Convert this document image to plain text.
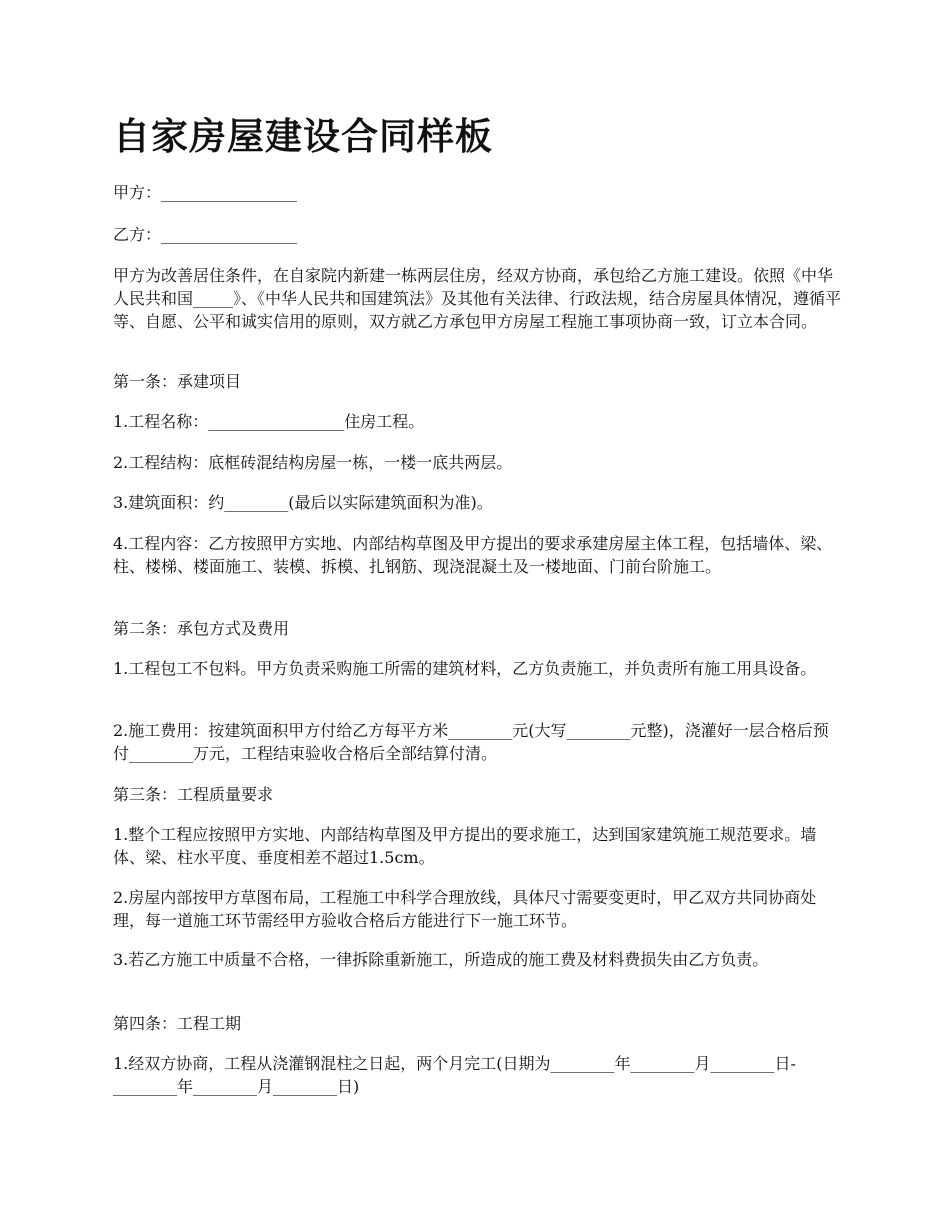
自家房屋建设合同样板

甲方：_________________

乙方：_________________

甲方为改善居住条件，在自家院内新建一栋两层住房，经双方协商，承包给乙方施工建设。依照《中华人民共和国_____》、《中华人民共和国建筑法》及其他有关法律、行政法规，结合房屋具体情况，遵循平等、自愿、公平和诚实信用的原则，双方就乙方承包甲方房屋工程施工事项协商一致，订立本合同。

第一条：承建项目

1.工程名称：_________________住房工程。

2.工程结构：底框砖混结构房屋一栋，一楼一底共两层。

3.建筑面积：约________(最后以实际建筑面积为准)。

4.工程内容：乙方按照甲方实地、内部结构草图及甲方提出的要求承建房屋主体工程，包括墙体、梁、柱、楼梯、楼面施工、装模、拆模、扎钢筋、现浇混凝土及一楼地面、门前台阶施工。

第二条：承包方式及费用

1.工程包工不包料。甲方负责采购施工所需的建筑材料，乙方负责施工，并负责所有施工用具设备。

2.施工费用：按建筑面积甲方付给乙方每平方米________元(大写________元整)，浇灌好一层合格后预付________万元，工程结束验收合格后全部结算付清。

第三条：工程质量要求

1.整个工程应按照甲方实地、内部结构草图及甲方提出的要求施工，达到国家建筑施工规范要求。墙体、梁、柱水平度、垂度相差不超过1.5cm。

2.房屋内部按甲方草图布局，工程施工中科学合理放线，具体尺寸需要变更时，甲乙双方共同协商处理，每一道施工环节需经甲方验收合格后方能进行下一施工环节。

3.若乙方施工中质量不合格，一律拆除重新施工，所造成的施工费及材料费损失由乙方负责。

第四条：工程工期

1.经双方协商，工程从浇灌钢混柱之日起，两个月完工(日期为________年________月________日-________年________月________日)
